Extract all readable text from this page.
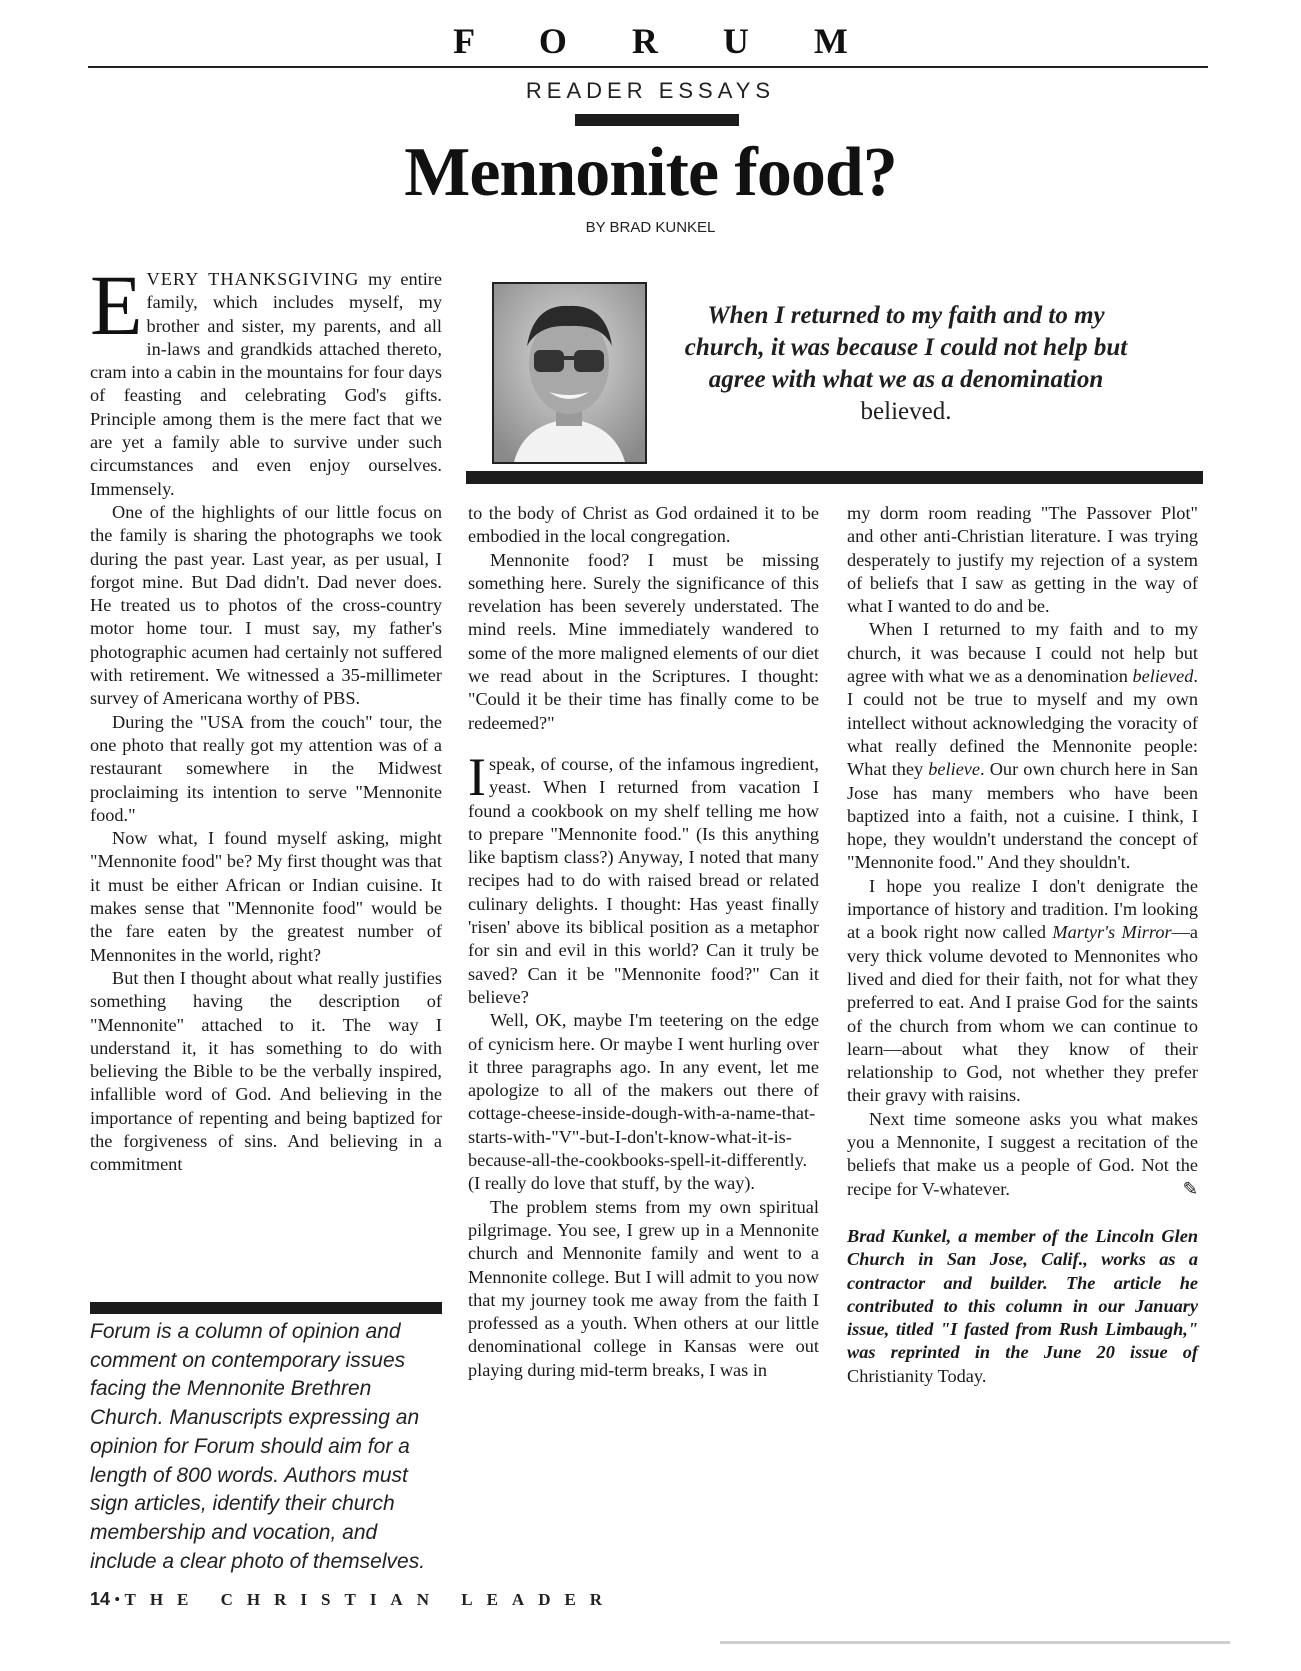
F O R U M
READER ESSAYS
Mennonite food?
BY BRAD KUNKEL

EVERY THANKSGIVING my entire family, which includes myself, my brother and sister, my parents, and all in-laws and grandkids attached thereto, cram into a cabin in the mountains for four days of feasting and celebrating God's gifts. Principle among them is the mere fact that we are yet a family able to survive under such circumstances and even enjoy ourselves. Immensely.

One of the highlights of our little focus on the family is sharing the photographs we took during the past year. Last year, as per usual, I forgot mine. But Dad didn't. Dad never does. He treated us to photos of the cross-country motor home tour. I must say, my father's photographic acumen had certainly not suffered with retirement. We witnessed a 35-millimeter survey of Americana worthy of PBS.

During the "USA from the couch" tour, the one photo that really got my attention was of a restaurant somewhere in the Midwest proclaiming its intention to serve "Mennonite food."

Now what, I found myself asking, might "Mennonite food" be? My first thought was that it must be either African or Indian cuisine. It makes sense that "Mennonite food" would be the fare eaten by the greatest number of Mennonites in the world, right?

But then I thought about what really justifies something having the description of "Mennonite" attached to it. The way I understand it, it has something to do with believing the Bible to be the verbally inspired, infallible word of God. And believing in the importance of repenting and being baptized for the forgiveness of sins. And believing in a commitment

When I returned to my faith and to my church, it was because I could not help but agree with what we as a denomination believed.

to the body of Christ as God ordained it to be embodied in the local congregation.

Mennonite food? I must be missing something here. Surely the significance of this revelation has been severely understated. The mind reels. Mine immediately wandered to some of the more maligned elements of our diet we read about in the Scriptures. I thought: "Could it be their time has finally come to be redeemed?"

I speak, of course, of the infamous ingredient, yeast. When I returned from vacation I found a cookbook on my shelf telling me how to prepare "Mennonite food." (Is this anything like baptism class?) Anyway, I noted that many recipes had to do with raised bread or related culinary delights. I thought: Has yeast finally 'risen' above its biblical position as a metaphor for sin and evil in this world? Can it truly be saved? Can it be "Mennonite food?" Can it believe?

Well, OK, maybe I'm teetering on the edge of cynicism here. Or maybe I went hurling over it three paragraphs ago. In any event, let me apologize to all of the makers out there of cottage-cheese-inside-dough-with-a-name-that-starts-with-"V"-but-I-don't-know-what-it-is-because-all-the-cookbooks-spell-it-differently. (I really do love that stuff, by the way).

The problem stems from my own spiritual pilgrimage. You see, I grew up in a Mennonite church and Mennonite family and went to a Mennonite college. But I will admit to you now that my journey took me away from the faith I professed as a youth. When others at our little denominational college in Kansas were out playing during mid-term breaks, I was in

my dorm room reading "The Passover Plot" and other anti-Christian literature. I was trying desperately to justify my rejection of a system of beliefs that I saw as getting in the way of what I wanted to do and be.

When I returned to my faith and to my church, it was because I could not help but agree with what we as a denomination believed. I could not be true to myself and my own intellect without acknowledging the voracity of what really defined the Mennonite people: What they believe. Our own church here in San Jose has many members who have been baptized into a faith, not a cuisine. I think, I hope, they wouldn't understand the concept of "Mennonite food." And they shouldn't.

I hope you realize I don't denigrate the importance of history and tradition. I'm looking at a book right now called Martyr's Mirror—a very thick volume devoted to Mennonites who lived and died for their faith, not for what they preferred to eat. And I praise God for the saints of the church from whom we can continue to learn—about what they know of their relationship to God, not whether they prefer their gravy with raisins.

Next time someone asks you what makes you a Mennonite, I suggest a recitation of the beliefs that make us a people of God. Not the recipe for V-whatever.	✎

Brad Kunkel, a member of the Lincoln Glen Church in San Jose, Calif., works as a contractor and builder. The article he contributed to this column in our January issue, titled "I fasted from Rush Limbaugh," was reprinted in the June 20 issue of Christianity Today.

Forum is a column of opinion and comment on contemporary issues facing the Mennonite Brethren Church. Manuscripts expressing an opinion for Forum should aim for a length of 800 words. Authors must sign articles, identify their church membership and vocation, and include a clear photo of themselves.
14 • THE CHRISTIAN LEADER
